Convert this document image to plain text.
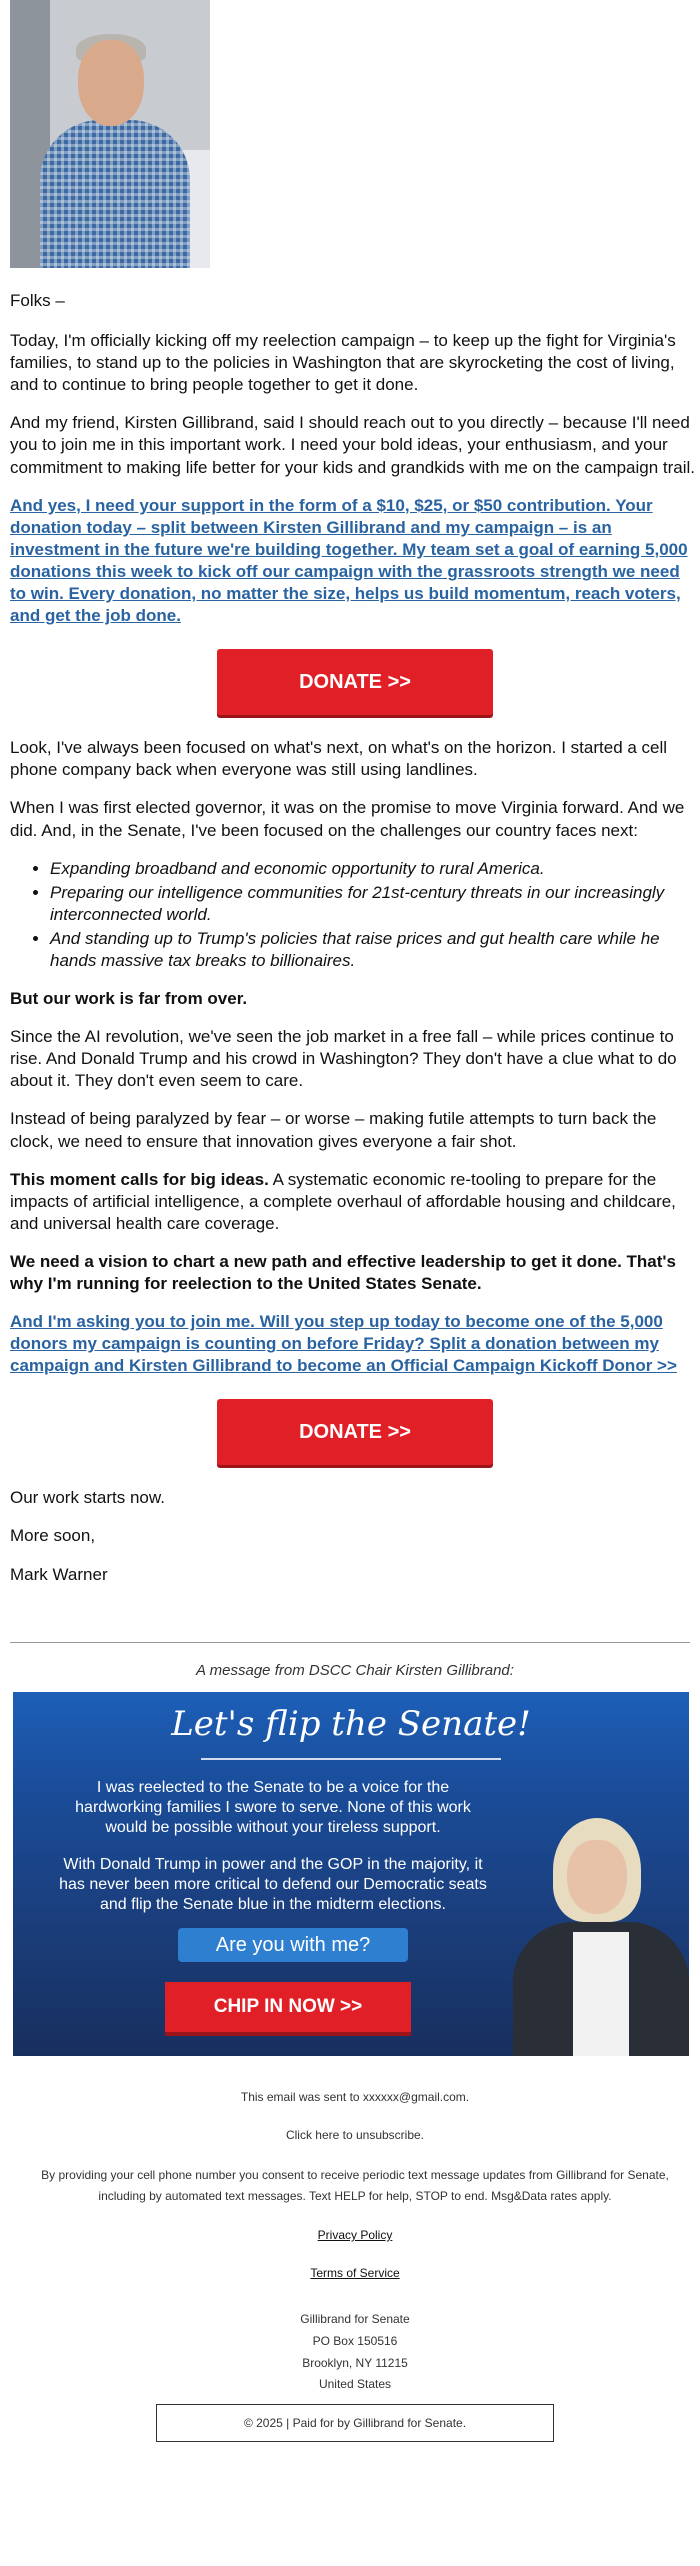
Folks –

Today, I'm officially kicking off my reelection campaign – to keep up the fight for Virginia's families, to stand up to the policies in Washington that are skyrocketing the cost of living, and to continue to bring people together to get it done.

And my friend, Kirsten Gillibrand, said I should reach out to you directly – because I'll need you to join me in this important work. I need your bold ideas, your enthusiasm, and your commitment to making life better for your kids and grandkids with me on the campaign trail.

And yes, I need your support in the form of a $10, $25, or $50 contribution. Your donation today – split between Kirsten Gillibrand and my campaign – is an investment in the future we're building together. My team set a goal of earning 5,000 donations this week to kick off our campaign with the grassroots strength we need to win. Every donation, no matter the size, helps us build momentum, reach voters, and get the job done.

DONATE >>

Look, I've always been focused on what's next, on what's on the horizon. I started a cell phone company back when everyone was still using landlines.

When I was first elected governor, it was on the promise to move Virginia forward. And we did. And, in the Senate, I've been focused on the challenges our country faces next:

• Expanding broadband and economic opportunity to rural America.
• Preparing our intelligence communities for 21st-century threats in our increasingly interconnected world.
• And standing up to Trump's policies that raise prices and gut health care while he hands massive tax breaks to billionaires.

But our work is far from over.

Since the AI revolution, we've seen the job market in a free fall – while prices continue to rise. And Donald Trump and his crowd in Washington? They don't have a clue what to do about it. They don't even seem to care.

Instead of being paralyzed by fear – or worse – making futile attempts to turn back the clock, we need to ensure that innovation gives everyone a fair shot.

This moment calls for big ideas. A systematic economic re-tooling to prepare for the impacts of artificial intelligence, a complete overhaul of affordable housing and childcare, and universal health care coverage.

We need a vision to chart a new path and effective leadership to get it done. That's why I'm running for reelection to the United States Senate.

And I'm asking you to join me. Will you step up today to become one of the 5,000 donors my campaign is counting on before Friday? Split a donation between my campaign and Kirsten Gillibrand to become an Official Campaign Kickoff Donor >>

DONATE >>

Our work starts now.

More soon,

Mark Warner

A message from DSCC Chair Kirsten Gillibrand:

Let's flip the Senate!
I was reelected to the Senate to be a voice for the hardworking families I swore to serve. None of this work would be possible without your tireless support.
With Donald Trump in power and the GOP in the majority, it has never been more critical to defend our Democratic seats and flip the Senate blue in the midterm elections.
Are you with me?
CHIP IN NOW >>

This email was sent to xxxxxx@gmail.com.

Click here to unsubscribe.

By providing your cell phone number you consent to receive periodic text message updates from Gillibrand for Senate, including by automated text messages. Text HELP for help, STOP to end. Msg&Data rates apply.

Privacy Policy

Terms of Service

Gillibrand for Senate
PO Box 150516
Brooklyn, NY 11215
United States
© 2025 | Paid for by Gillibrand for Senate.
